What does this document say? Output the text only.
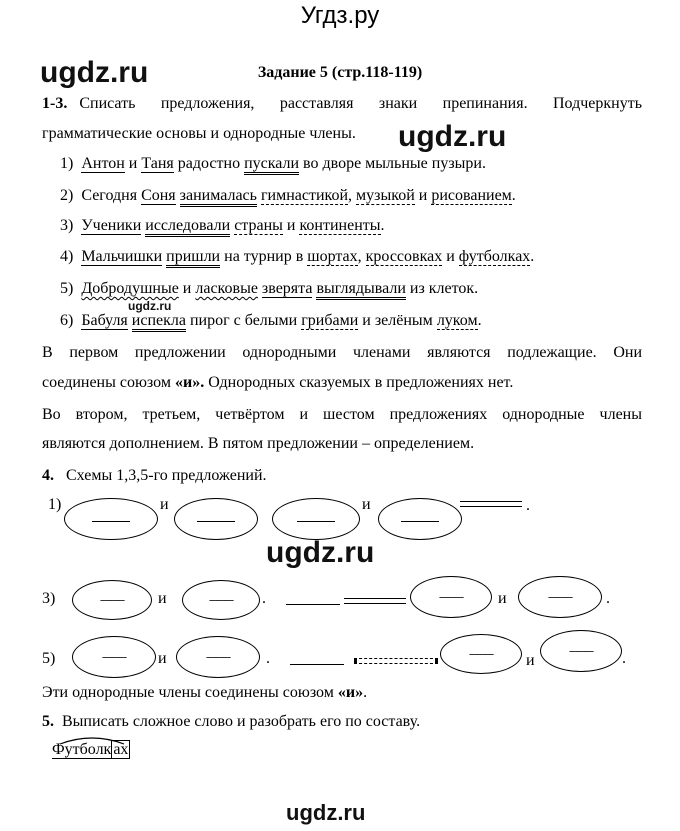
Угдз.ру
ugdz.ru	Задание 5 (стр.118-119)
1-3. Списать предложения, расставляя знаки препинания. Подчеркнуть
грамматические основы и однородные члены. ugdz.ru
1) Антон и Таня радостно пускали во дворе мыльные пузыри.
2) Сегодня Соня занималась гимнастикой, музыкой и рисованием.
3) Ученики исследовали страны и континенты.
4) Мальчишки пришли на турнир в шортах, кроссовках и футболках.
5) Добродушные и ласковые зверята выглядывали из клеток.
ugdz.ru
6) Бабуля испекла пирог с белыми грибами и зелёным луком.
В первом предложении однородными членами являются подлежащие. Они
соединены союзом «и». Однородных сказуемых в предложениях нет.
Во втором, третьем, четвёртом и шестом предложениях однородные члены
являются дополнением. В пятом предложении – определением.
4. Схемы 1,3,5-го предложений.
1)	и	и	.
ugdz.ru
3)	---------	и	---------	.	---------	и	---------	.
5)	---------	и	---------	.	---------	и
---------	.
Эти однородные члены соединены союзом «и».
5. Выписать сложное слово и разобрать его по составу.
Футболк ах
ugdz.ru
